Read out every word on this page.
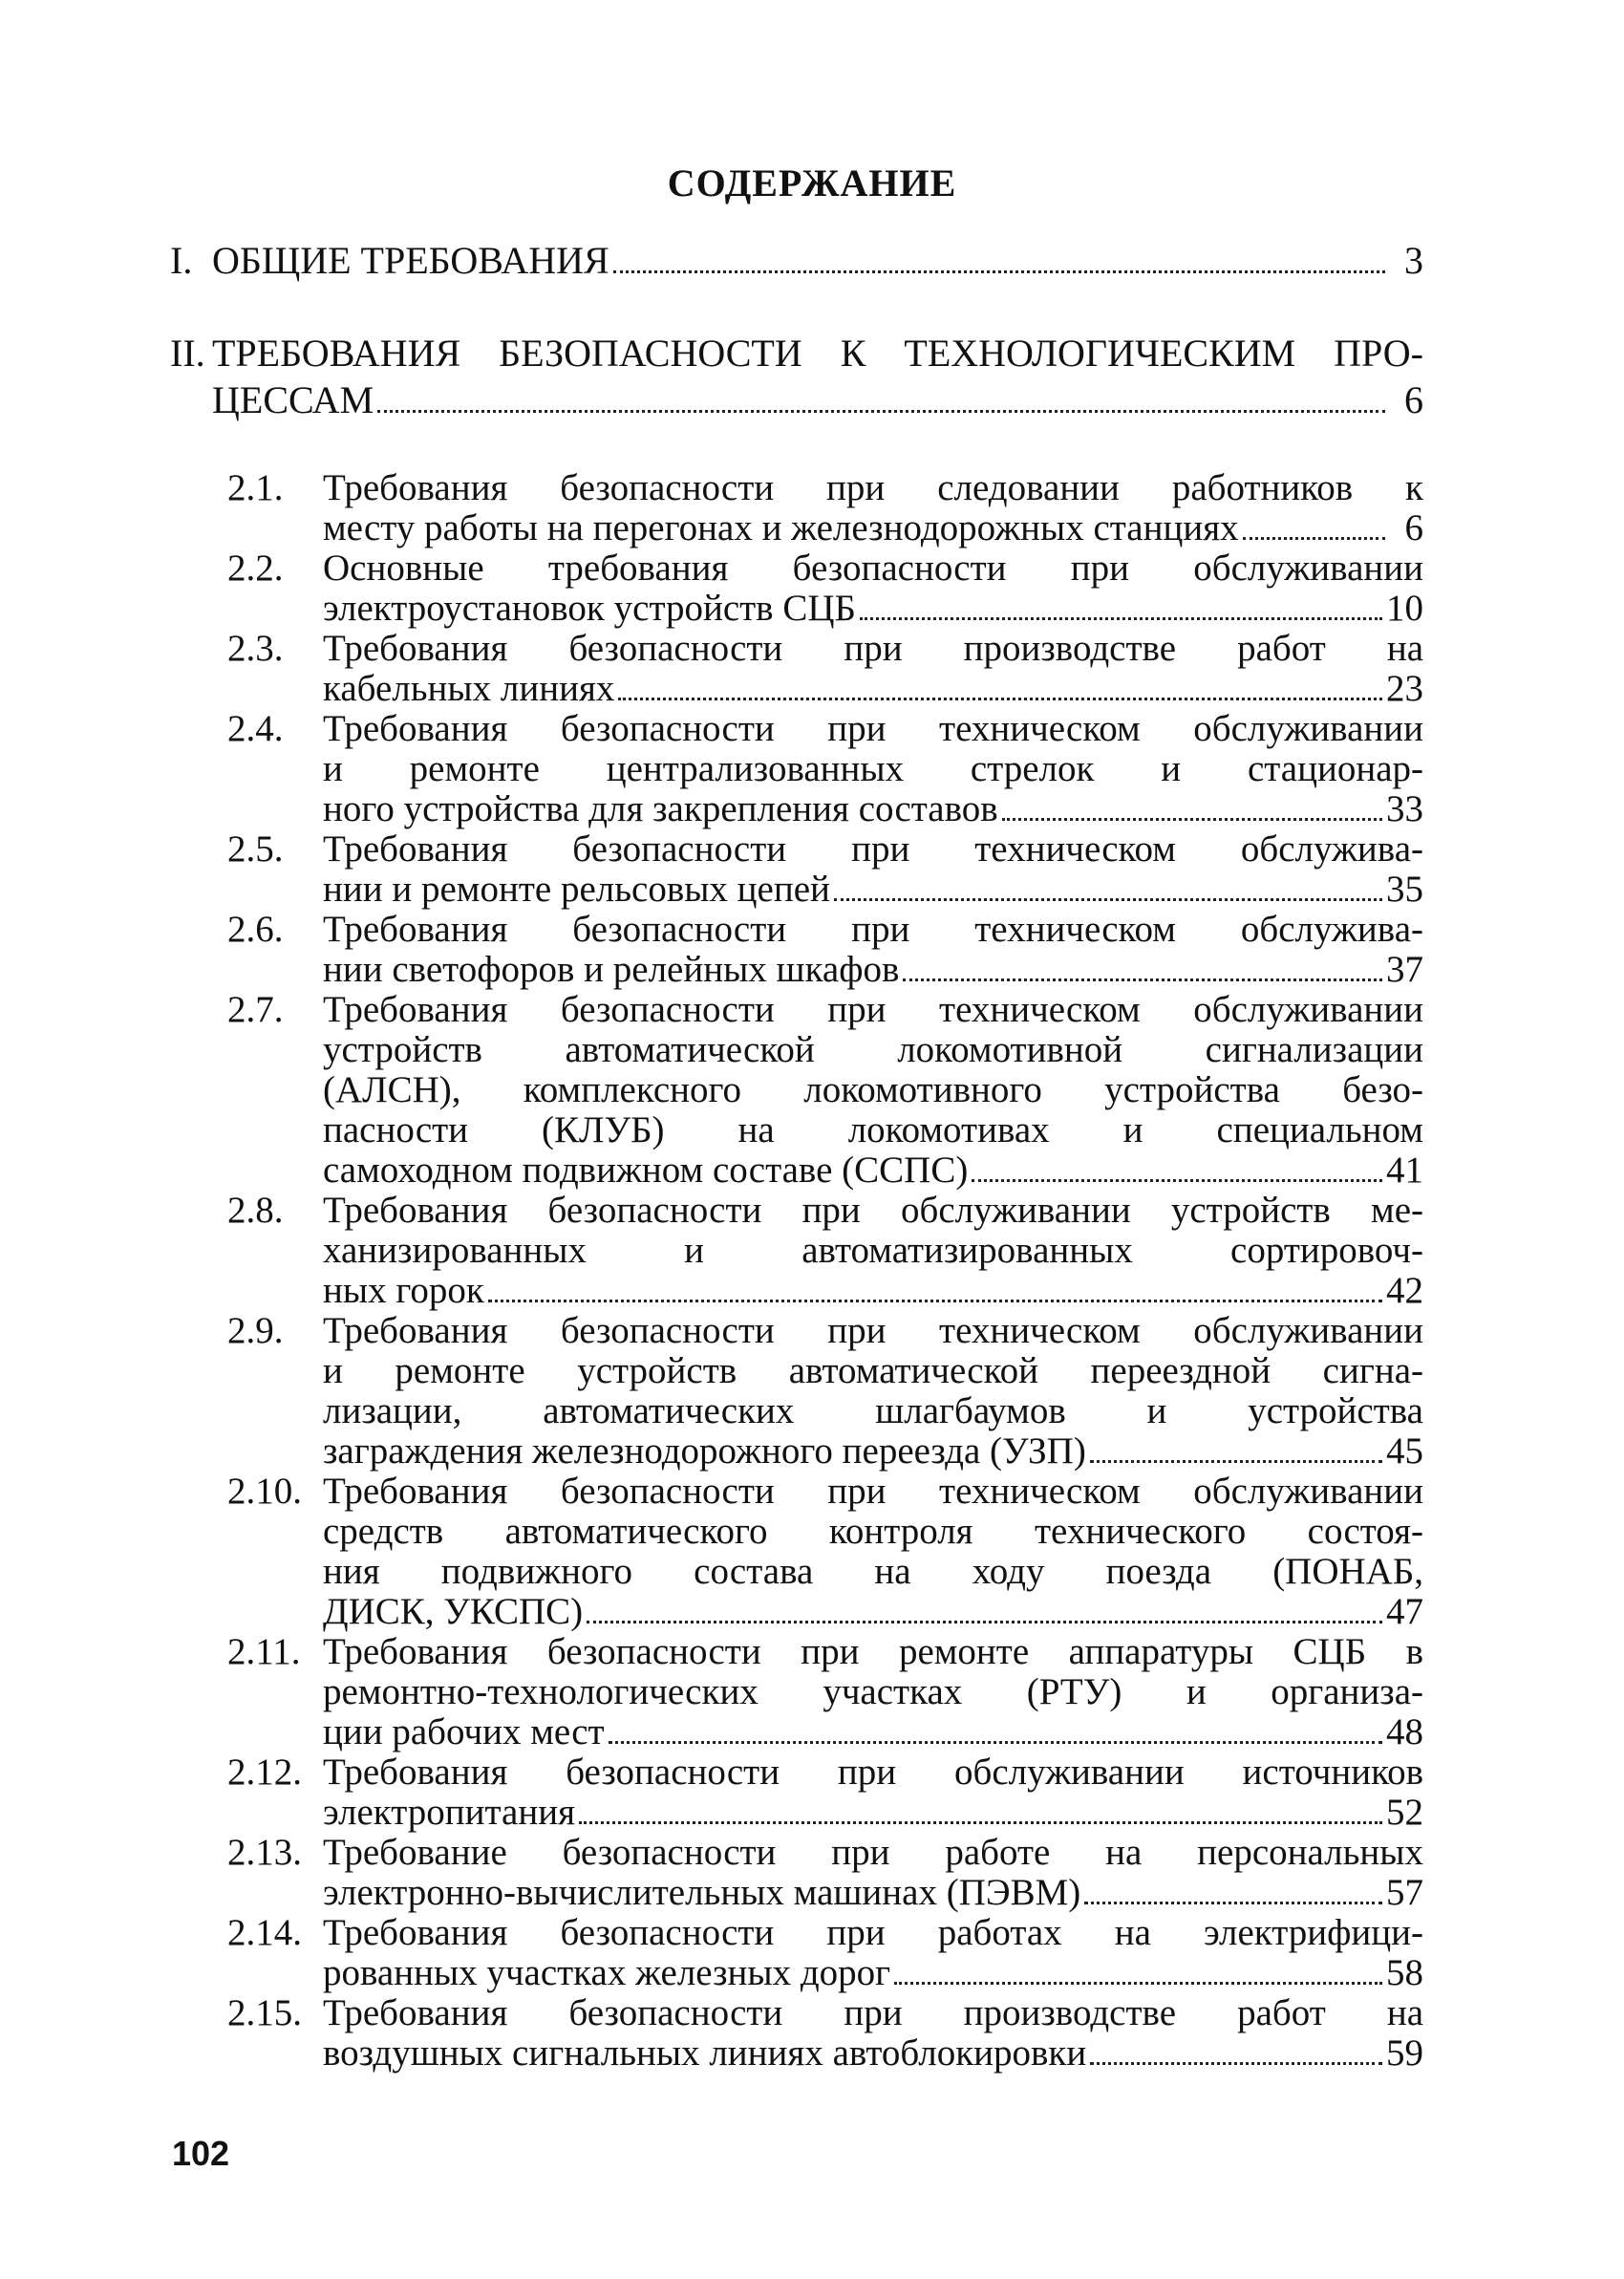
СОДЕРЖАНИЕ
I. ОБЩИЕ ТРЕБОВАНИЯ	3
II. ТРЕБОВАНИЯ БЕЗОПАСНОСТИ К ТЕХНОЛОГИЧЕСКИМ ПРО-
ЦЕССАМ	6
2.1. Требования безопасности при следовании работников к
месту работы на перегонах и железнодорожных станциях	6
2.2. Основные требования безопасности при обслуживании
электроустановок устройств СЦБ	10
2.3. Требования безопасности при производстве работ на
кабельных линиях	23
2.4. Требования безопасности при техническом обслуживании
и ремонте централизованных стрелок и стационар-
ного устройства для закрепления составов	33
2.5. Требования безопасности при техническом обслужива-
нии и ремонте рельсовых цепей	35
2.6. Требования безопасности при техническом обслужива-
нии светофоров и релейных шкафов	37
2.7. Требования безопасности при техническом обслуживании
устройств автоматической локомотивной сигнализации
(АЛСН), комплексного локомотивного устройства безо-
пасности (КЛУБ) на локомотивах и специальном
самоходном подвижном составе (ССПС)	41
2.8. Требования безопасности при обслуживании устройств ме-
ханизированных и автоматизированных сортировоч-
ных горок	42
2.9. Требования безопасности при техническом обслуживании
и ремонте устройств автоматической переездной сигна-
лизации, автоматических шлагбаумов и устройства
заграждения железнодорожного переезда (УЗП)	45
2.10. Требования безопасности при техническом обслуживании
средств автоматического контроля технического состоя-
ния подвижного состава на ходу поезда (ПОНАБ,
ДИСК, УКСПС)	47
2.11. Требования безопасности при ремонте аппаратуры СЦБ в
ремонтно-технологических участках (РТУ) и организа-
ции рабочих мест	48
2.12. Требования безопасности при обслуживании источников
электропитания	52
2.13. Требование безопасности при работе на персональных
электронно-вычислительных машинах (ПЭВМ)	57
2.14. Требования безопасности при работах на электрифици-
рованных участках железных дорог	58
2.15. Требования безопасности при производстве работ на
воздушных сигнальных линиях автоблокировки	59
102
